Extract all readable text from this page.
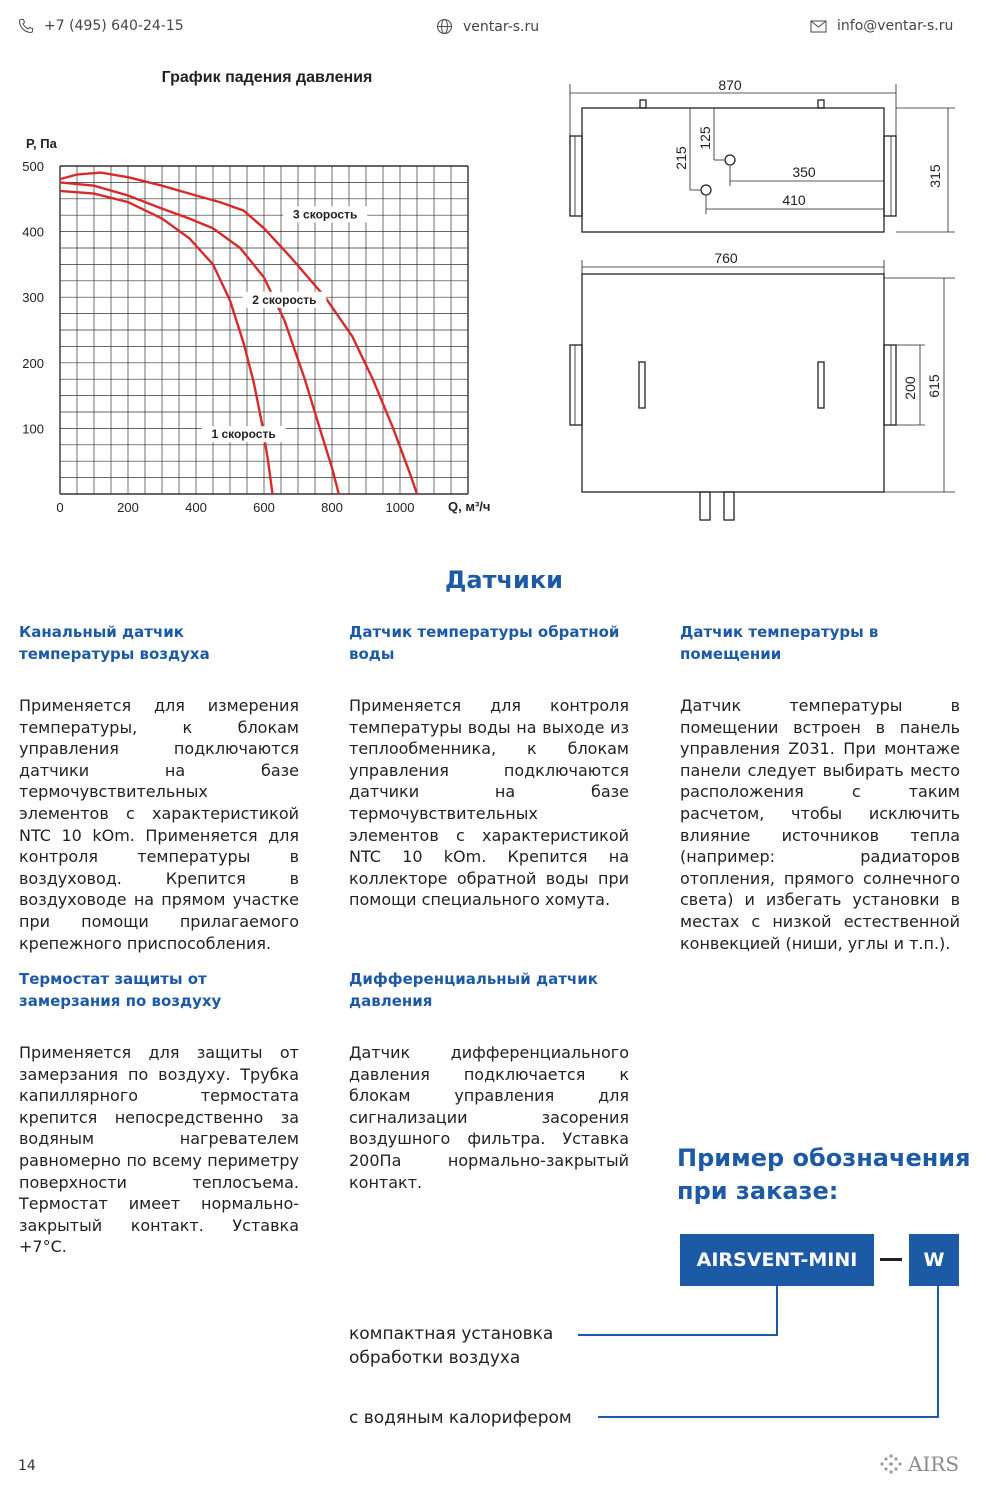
+7 (495) 640-24-15	ventar-s.ru	info@ventar-s.ru
График падения давления
P, Па
Q, м³/ч
0	200	400	600	800	1000
100
200
300
400
500
1 скорость
2 скорость
3 скорость
870
315
125
215
350
410
760
615
200
Датчики
Канальный датчик температуры воздуха

Применяется для измерения температуры, к блокам управления подключаются датчики на базе термочувствительных элементов с характеристикой NTC 10 kOm. Применяется для контроля температуры в воздуховод. Крепится в воздуховоде на прямом участке при помощи прилагаемого крепежного приспособления.

Датчик температуры обратной воды

Применяется для контроля температуры воды на выходе из теплообменника, к блокам управления подключаются датчики на базе термочувствительных элементов с характеристикой NTC 10 kOm. Крепится на коллекторе обратной воды при помощи специального хомута.

Датчик температуры в помещении

Датчик температуры в помещении встроен в панель управления Z031. При монтаже панели следует выбирать место расположения с таким расчетом, чтобы исключить влияние источников тепла (например: радиаторов отопления, прямого солнечного света) и избегать установки в местах с низкой естественной конвекцией (ниши, углы и т.п.).

Термостат защиты от замерзания по воздуху

Применяется для защиты от замерзания по воздуху. Трубка капиллярного термостата крепится непосредственно за водяным нагревателем равномерно по всему периметру поверхности теплосъема. Термостат имеет нормально-закрытый контакт. Уставка +7°С.

Дифференциальный датчик давления

Датчик дифференциального давления подключается к блокам управления для сигнализации засорения воздушного фильтра. Уставка 200Па нормально-закрытый контакт.

Пример обозначения при заказе:
AIRSVENT-MINI	W
компактная установка обработки воздуха
с водяным калорифером
14	AIRS
